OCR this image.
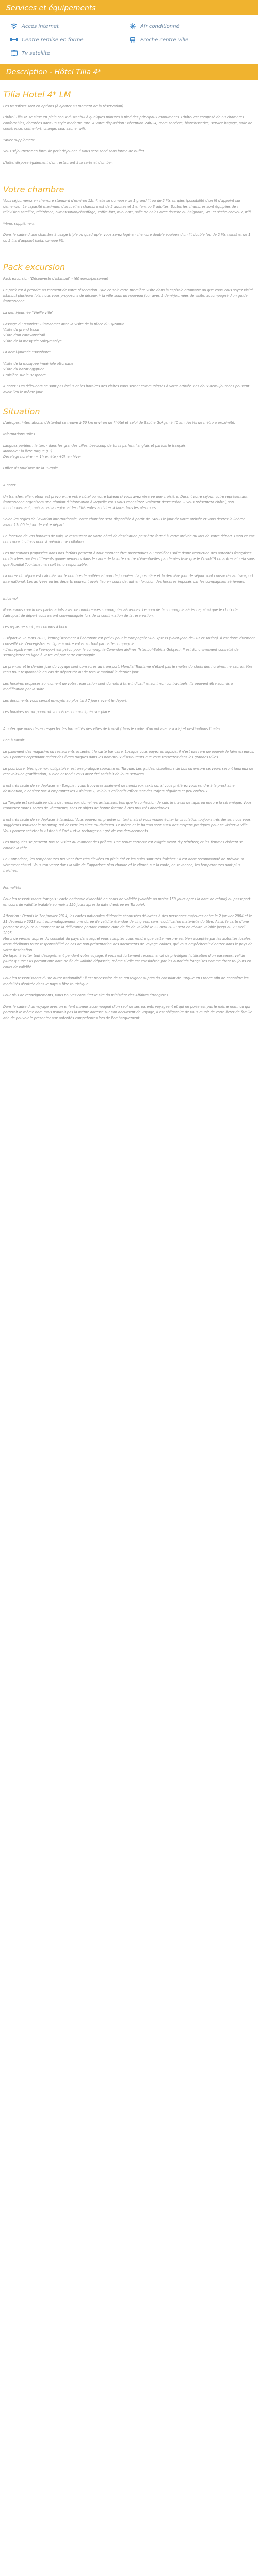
Services et équipements
Accès internet	Air conditionné
Centre remise en forme	Proche centre ville
Tv satellite
Description - Hôtel Tilia 4*
Tilia Hotel 4* LM

Les transferts sont en options (à ajouter au moment de la réservation).

L'hôtel Tilia 4* se situe en plein coeur d'Istanbul à quelques minutes à pied des principaux monuments. L'hôtel est composé de 60 chambres confortables, décorées dans un style moderne turc. A votre disposition : réception 24h/24, room service*, blanchisserie*, service bagage, salle de conférence, coffre-fort, change, spa, sauna, wifi.

*Avec supplément

Vous séjournerez en formule petit déjeuner. Il vous sera servi sous forme de buffet.

L'hôtel dispose également d'un restaurant à la carte et d'un bar.

Votre chambre

Vous séjournerez en chambre standard d'environ 12m², elle se compose de 1 grand lit ou de 2 lits simples (possibilité d'un lit d'appoint sur demande). La capacité maximum d'accueil en chambre est de 2 adultes et 1 enfant ou 3 adultes. Toutes les chambres sont équipées de : télévision satellite, téléphone, climatisation/chauffage, coffre-fort, mini bar*, salle de bains avec douche ou baignoire, WC et sèche-cheveux, wifi.

*Avec supplément

Dans le cadre d'une chambre à usage triple ou quadruple, vous serez logé en chambre double équipée d'un lit double (ou de 2 lits twins) et de 1 ou 2 lits d'appoint (sofa, canapé lit).

Pack excursion

Pack excursion "Découverte d'Istanbul" - (60 euros/personne)

Ce pack est à prendre au moment de votre réservation. Que ce soit votre première visite dans la capitale ottomane ou que vous vous soyez visité Istanbul plusieurs fois, nous vous proposons de découvrir la ville sous un nouveau jour avec 2 demi-journées de visite, accompagné d'un guide francophone.

La demi-journée "Vieille ville"

Passage du quartier Sultanahmet avec la visite de la place du Byzantin
Visite du grand bazar
Visite d'un caravansérail
Visite de la mosquée Suleymaniye

La demi-journée "Bosphore"

Visite de la mosquée impériale ottomane
Visite du bazar égyptien
Croisière sur le Bosphore

A noter : Les déjeuners ne sont pas inclus et les horaires des visites vous seront communiqués à votre arrivée. Les deux demi-journées peuvent avoir lieu le même jour.

Situation

L'aéroport international d'Istanbul se trouve à 50 km environ de l'hôtel et celui de Sabiha Gokçen à 40 km. Arrêts de métro à proximité.

Informations utiles

Langues parlées : le turc - dans les grandes villes, beaucoup de turcs parlent l'anglais et parfois le français
Monnaie : la livre turque (LT)
Décalage horaire : + 1h en été / +2h en hiver

Office du tourisme de la Turquie

A noter

Un transfert aller-retour est prévu entre votre hôtel ou votre bateau si vous avez réservé une croisière. Durant votre séjour, votre représentant francophone organisera une réunion d'information à laquelle vous vous connaîtrez vraiment d'excursion. Il vous présentera l'hôtel, son fonctionnement, mais aussi la région et les différentes activités à faire dans les alentours.

Selon les règles de l'aviation internationale, votre chambre sera disponible à partir de 14h00 le jour de votre arrivée et vous devrez la libérer avant 12h00 le jour de votre départ.

En fonction de vos horaires de vols, le restaurant de votre hôtel de destination peut être fermé à votre arrivée ou lors de votre départ. Dans ce cas nous vous invitons donc à prévoir une collation.

Les prestations proposées dans nos forfaits peuvent à tout moment être suspendues ou modifiées suite d'une restriction des autorités françaises ou décidées par les différents gouvernements dans le cadre de la lutte contre d'éventuelles pandémies telle que le Covid-19 ou autres et cela sans que Mondial Tourisme n'en soit tenu responsable.

La durée du séjour est calculée sur le nombre de nuitées et non de journées. La première et la dernière jour de séjour sont consacrés au transport international. Les arrivées ou les départs pourront avoir lieu en cours de nuit en fonction des horaires imposés par les compagnies aériennes.

Infos vol

Nous avons conclu des partenariats avec de nombreuses compagnies aériennes. Le nom de la compagnie aérienne, ainsi que le choix de l'aéroport de départ vous seront communiqués lors de la confirmation de la réservation.

Les repas ne sont pas compris à bord.

- Départ le 26 Mars 2023, l'enregistrement à l'aéroport est prévu pour le compagnie SunExpress (Saint-Jean-de-Luz et Toulon). Il est donc vivement conseillé de s'enregistrer en ligne à votre vol et surtout par cette compagnie.
- L'enregistrement à l'aéroport est prévu pour la compagnie Corendon airlines (Istanbul-Sabiha Gokçen). Il est donc vivement conseillé de s'enregistrer en ligne à votre vol par cette compagnie.

Le premier et le dernier jour du voyage sont consacrés au transport. Mondial Tourisme n'étant pas le maître du choix des horaires, ne saurait être tenu pour responsable en cas de départ tôt ou de retour matinal le dernier jour.

Les horaires proposés au moment de votre réservation sont donnés à titre indicatif et sont non contractuels. Ils peuvent être soumis à modification par la suite.

Les documents vous seront envoyés au plus tard 7 jours avant le départ.

Les horaires retour pourront vous être communiqués sur place.

A noter que vous devez respecter les formalités des villes de transit (dans le cadre d'un vol avec escale) et destinations finales.

Bon à savoir

Le paiement des magasins ou restaurants acceptent la carte bancaire. Lorsque vous payez en liquide, il n'est pas rare de pouvoir le faire en euros. Vous pourrez cependant retirer des livres turques dans les nombreux distributeurs que vous trouverez dans les grandes villes.

Le pourboire, bien que non obligatoire, est une pratique courante en Turquie. Les guides, chauffeurs de bus ou encore serveurs seront heureux de recevoir une gratification, si bien entendu vous avez été satisfait de leurs services.

Il est très facile de se déplacer en Turquie : vous trouverez aisément de nombreux taxis ou, si vous préférez vous rendre à la prochaine destination, n'hésitez pas à emprunter les « dolmus », minibus collectifs effectuant des trajets réguliers et peu onéreux.

La Turquie est spécialisée dans de nombreux domaines artisanaux, tels que la confection de cuir, le travail de tapis ou encore la céramique. Vous trouverez toutes sortes de vêtements, sacs et objets de bonne facture à des prix très abordables.

Il est très facile de se déplacer à Istanbul. Vous pouvez emprunter un taxi mais si vous voulez éviter la circulation toujours très dense, nous vous suggérons d'utiliser le tramway, qui dessert les sites touristiques. Le métro et le bateau sont aussi des moyens pratiques pour se visiter la ville. Vous pouvez acheter la « Istanbul Kart » et la recharger au gré de vos déplacements.

Les mosquées se peuvent pas se visiter au moment des prières. Une tenue correcte est exigée avant d'y pénétrer, et les femmes doivent se couvrir la tête.

En Cappadoce, les températures peuvent être très élevées en plein été et les nuits sont très fraîches : il est donc recommandé de prévoir un vêtement chaud. Vous trouverez dans la ville de Cappadoce plus chaude et le climat, sur la route, en revanche, les températures sont plus fraîches.

Formalités

Pour les ressortissants français : carte nationale d'identité en cours de validité (valable au moins 150 jours après la date de retour) ou passeport en cours de validité (valable au moins 150 jours après la date d'entrée en Turquie).

Attention : Depuis le 1er janvier 2014, les cartes nationales d'identité sécurisées délivrées à des personnes majeures entre le 2 janvier 2004 et le 31 décembre 2013 sont automatiquement une durée de validité étendue de cinq ans, sans modification matérielle du titre. Ainsi, la carte d'une personne majeure au moment de la délivrance portant comme date de fin de validité le 22 avril 2020 sera en réalité valable jusqu'au 23 avril 2025.
Merci de vérifier auprès du consulat du pays dans lequel vous comptez vous rendre que cette mesure est bien acceptée par les autorités locales.
Nous déclinons toute responsabilité en cas de non-présentation des documents de voyage valides, qui vous empêcherait d'entrer dans le pays de votre destination.
De façon à éviter tout désagrément pendant votre voyage, il vous est fortement recommandé de privilégier l'utilisation d'un passeport valide plutôt qu'une CNI portant une date de fin de validité dépassée, même si elle est considérée par les autorités françaises comme étant toujours en cours de validité.

Pour les ressortissants d'une autre nationalité : il est nécessaire de se renseigner auprès du consulat de Turquie en France afin de connaître les modalités d'entrée dans le pays à titre touristique.

Pour plus de renseignements, vous pouvez consulter le site du ministère des Affaires étrangères

Dans le cadre d'un voyage avec un enfant mineur accompagné d'un seul de ses parents voyageant et qui ne porte est pas le même nom, ou qui porterait le même nom mais n'aurait pas la même adresse sur son document de voyage, il est obligatoire de vous munir de votre livret de famille afin de pouvoir le présenter aux autorités compétentes lors de l'embarquement.
